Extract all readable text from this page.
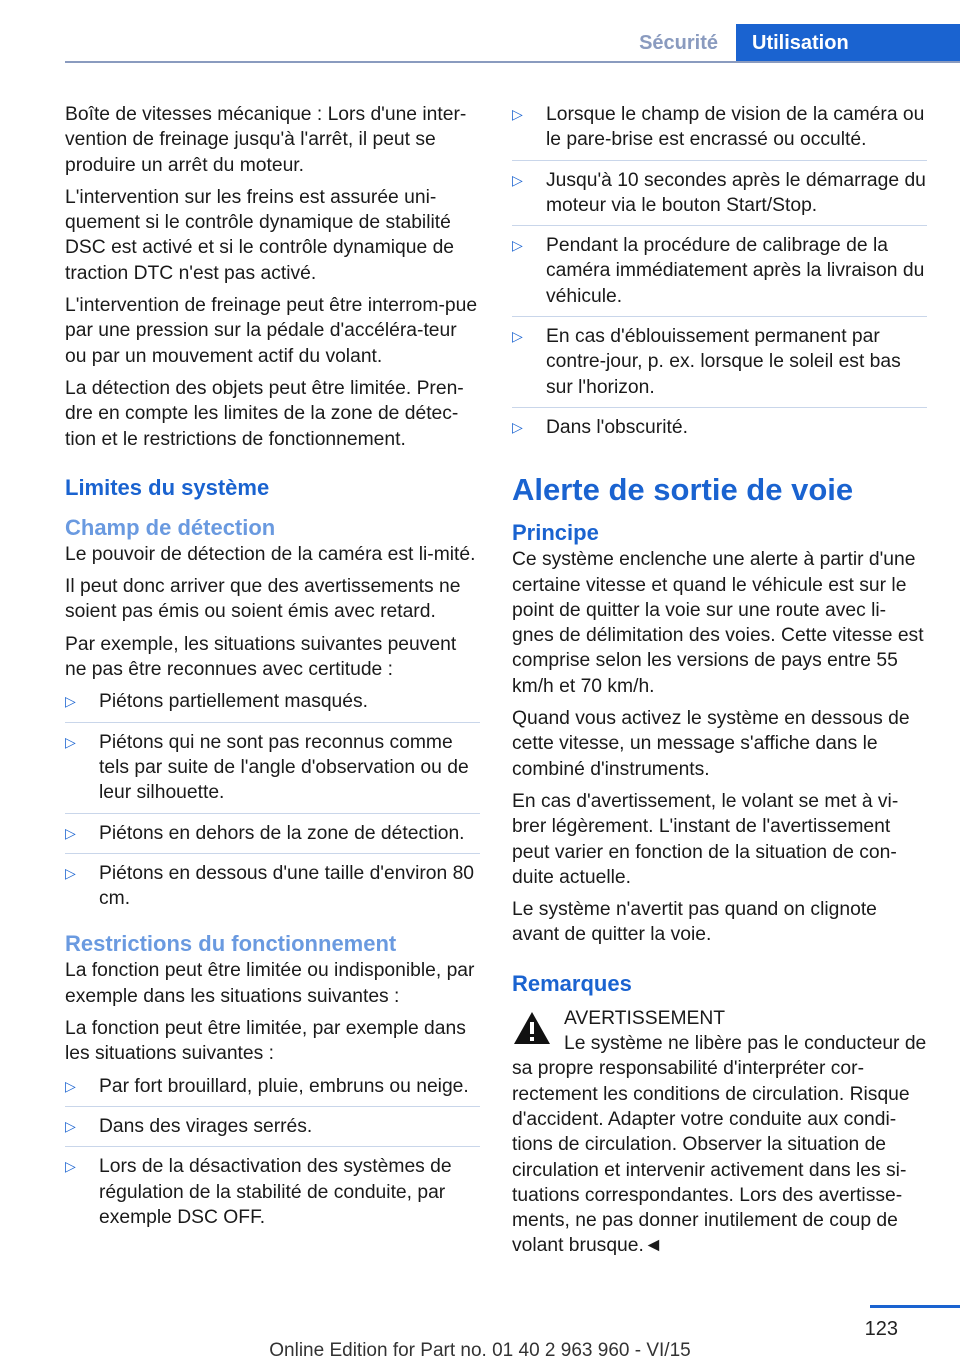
Sécurité	Utilisation

Boîte de vitesses mécanique : Lors d'une inter-vention de freinage jusqu'à l'arrêt, il peut se produire un arrêt du moteur.

L'intervention sur les freins est assurée uni-quement si le contrôle dynamique de stabilité DSC est activé et si le contrôle dynamique de traction DTC n'est pas activé.

L'intervention de freinage peut être interrom-pue par une pression sur la pédale d'accéléra-teur ou par un mouvement actif du volant.

La détection des objets peut être limitée. Pren-dre en compte les limites de la zone de détec-tion et le restrictions de fonctionnement.

Limites du système
Champ de détection

Le pouvoir de détection de la caméra est li-mité.

Il peut donc arriver que des avertissements ne soient pas émis ou soient émis avec retard.

Par exemple, les situations suivantes peuvent ne pas être reconnues avec certitude :

▷ Piétons partiellement masqués.
▷ Piétons qui ne sont pas reconnus comme tels par suite de l'angle d'observation ou de leur silhouette.
▷ Piétons en dehors de la zone de détection.
▷ Piétons en dessous d'une taille d'environ 80 cm.
Restrictions du fonctionnement

La fonction peut être limitée ou indisponible, par exemple dans les situations suivantes :

La fonction peut être limitée, par exemple dans les situations suivantes :

▷ Par fort brouillard, pluie, embruns ou neige.
▷ Dans des virages serrés.
▷ Lors de la désactivation des systèmes de régulation de la stabilité de conduite, par exemple DSC OFF.
▷ Lorsque le champ de vision de la caméra ou le pare-brise est encrassé ou occulté.
▷ Jusqu'à 10 secondes après le démarrage du moteur via le bouton Start/Stop.
▷ Pendant la procédure de calibrage de la caméra immédiatement après la livraison du véhicule.
▷ En cas d'éblouissement permanent par contre-jour, p. ex. lorsque le soleil est bas sur l'horizon.
▷ Dans l'obscurité.
Alerte de sortie de voie
Principe

Ce système enclenche une alerte à partir d'une certaine vitesse et quand le véhicule est sur le point de quitter la voie sur une route avec li-gnes de délimitation des voies. Cette vitesse est comprise selon les versions de pays entre 55 km/h et 70 km/h.

Quand vous activez le système en dessous de cette vitesse, un message s'affiche dans le combiné d'instruments.

En cas d'avertissement, le volant se met à vi-brer légèrement. L'instant de l'avertissement peut varier en fonction de la situation de con-duite actuelle.

Le système n'avertit pas quand on clignote avant de quitter la voie.

Remarques
AVERTISSEMENT

Le système ne libère pas le conducteur de sa propre responsabilité d'interpréter cor-rectement les conditions de circulation. Risque d'accident. Adapter votre conduite aux condi-tions de circulation. Observer la situation de circulation et intervenir activement dans les si-tuations correspondantes. Lors des avertisse-ments, ne pas donner inutilement de coup de volant brusque.◄

123
Online Edition for Part no. 01 40 2 963 960 - VI/15
